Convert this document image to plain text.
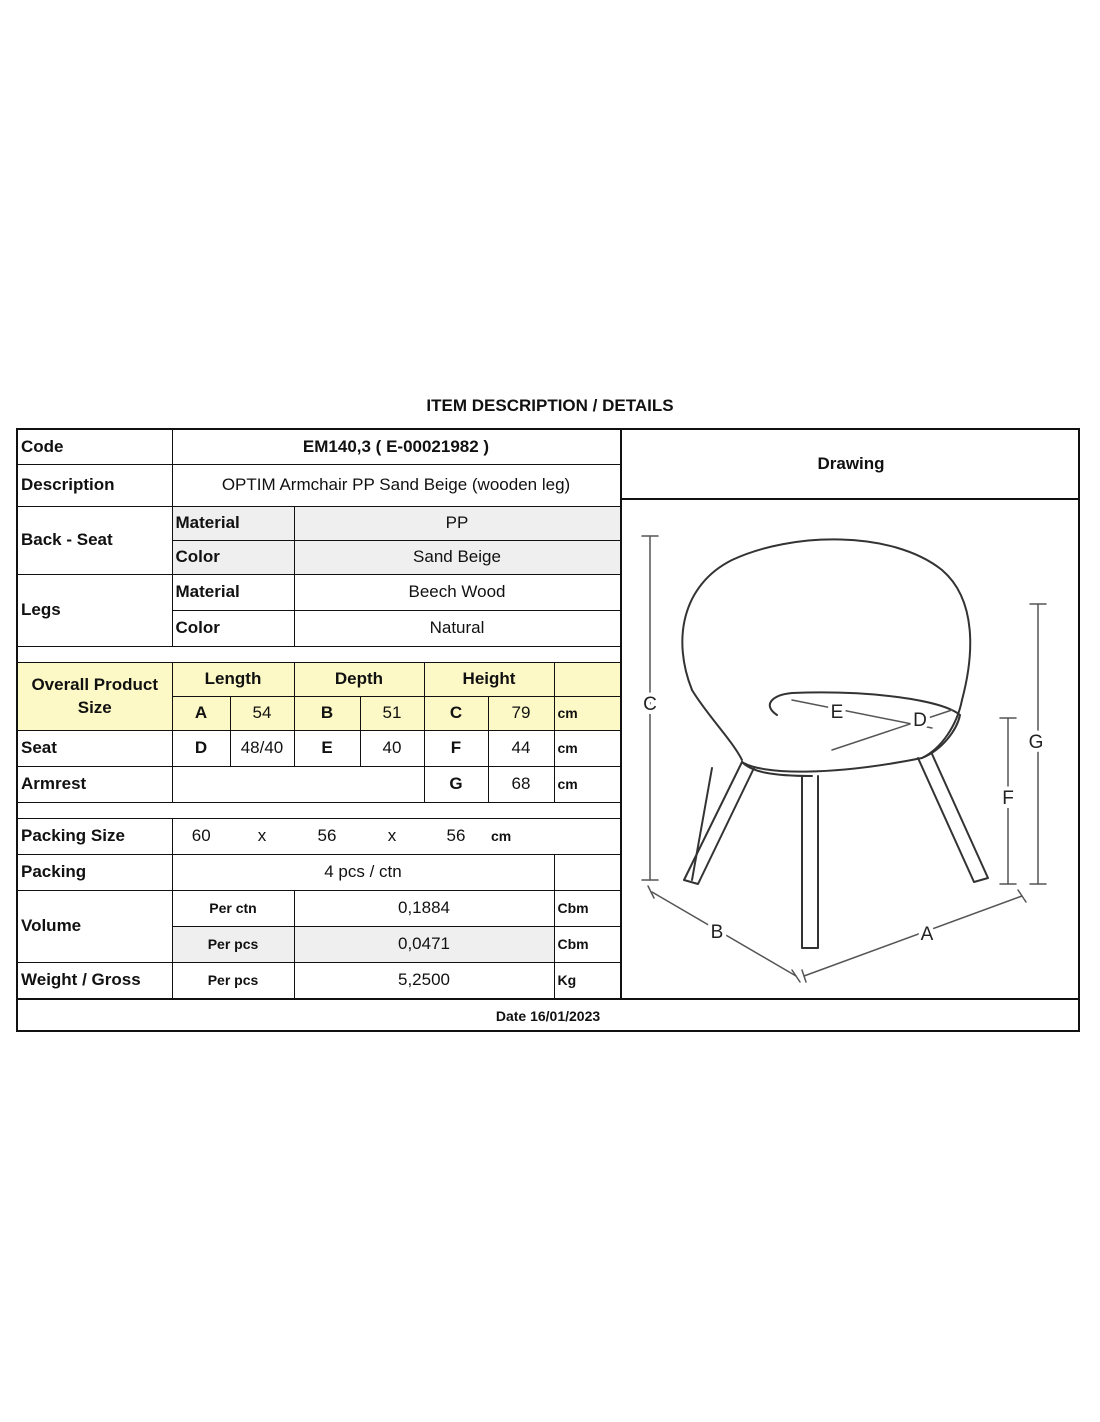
ITEM DESCRIPTION / DETAILS
Code	EM140,3 ( E-00021982 )						
Description	OPTIM Armchair PP Sand Beige (wooden leg)						
Back - Seat	Material		PP				
	Color		Sand Beige				
Legs	Material		Beech Wood				
	Color		Natural				

Overall Product
Size	Length		Depth		Height		
	A	54	B	51	C	79	cm
Seat	D	48/40	E	40	F	44	cm
Armrest					G	68	cm

Packing Size	60	x	56	x	56	cm	
Packing	4 pcs / ctn						
Volume	Per ctn		0,1884				Cbm
	Per pcs		0,0471				Cbm
Weight / Gross	Per pcs		5,2500				Kg
Drawing
C
G
F
B	A
E	D
Date 16/01/2023
